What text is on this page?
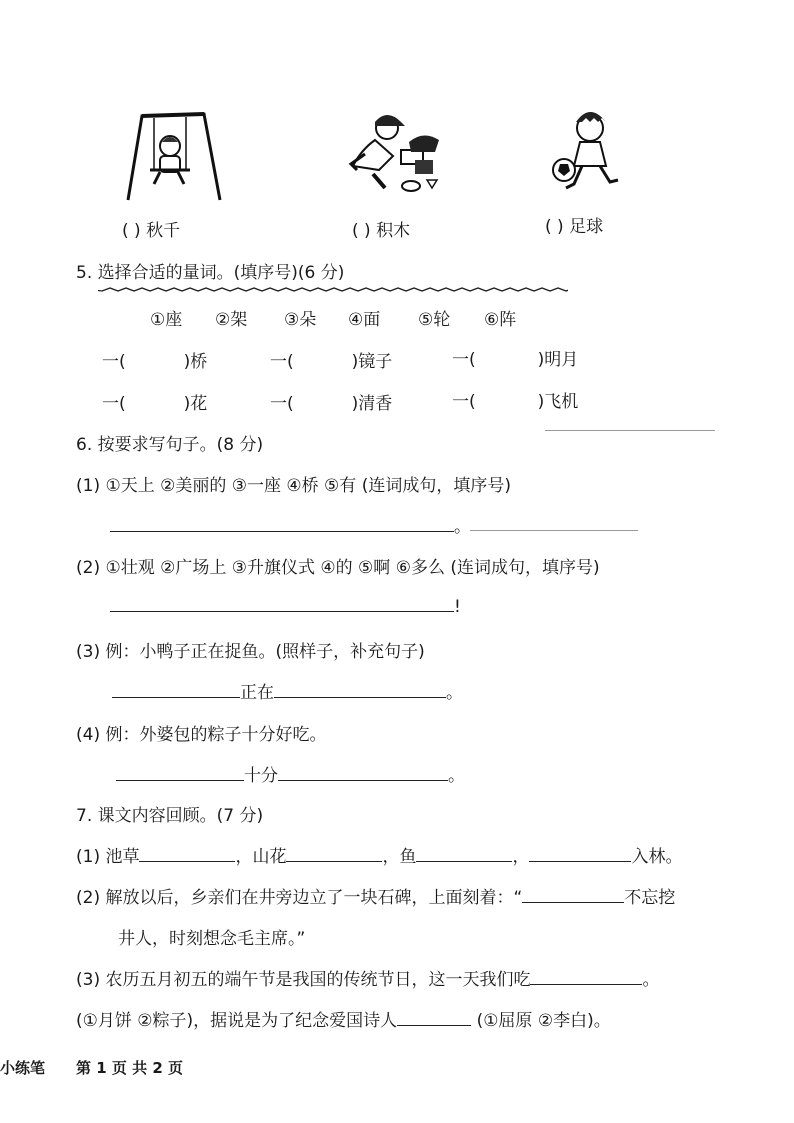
( ) 秋千	( ) 积木	( ) 足球
5. 选择合适的量词。(填序号)(6 分)
①座 ②架 ③朵 ④面 ⑤轮 ⑥阵
一(	)桥	一(	)镜子	一(	)明月
一(	)花	一(	)清香	一(	)飞机
6. 按要求写句子。(8 分)
(1) ①天上 ②美丽的 ③一座 ④桥 ⑤有 (连词成句，填序号)
。
(2) ①壮观 ②广场上 ③升旗仪式 ④的 ⑤啊 ⑥多么 (连词成句，填序号)
!
(3) 例：小鸭子正在捉鱼。(照样子，补充句子)
正在	。
(4) 例：外婆包的粽子十分好吃。
十分	。
7. 课文内容回顾。(7 分)
(1) 池草	，山花	，鱼	，	入林。
(2) 解放以后，乡亲们在井旁边立了一块石碑，上面刻着：“	不忘挖
井人，时刻想念毛主席。”
(3) 农历五月初五的端午节是我国的传统节日，这一天我们吃	。
(①月饼 ②粽子)，据说是为了纪念爱国诗人	(①屈原 ②李白)。
小练笔 第 1 页 共 2 页
